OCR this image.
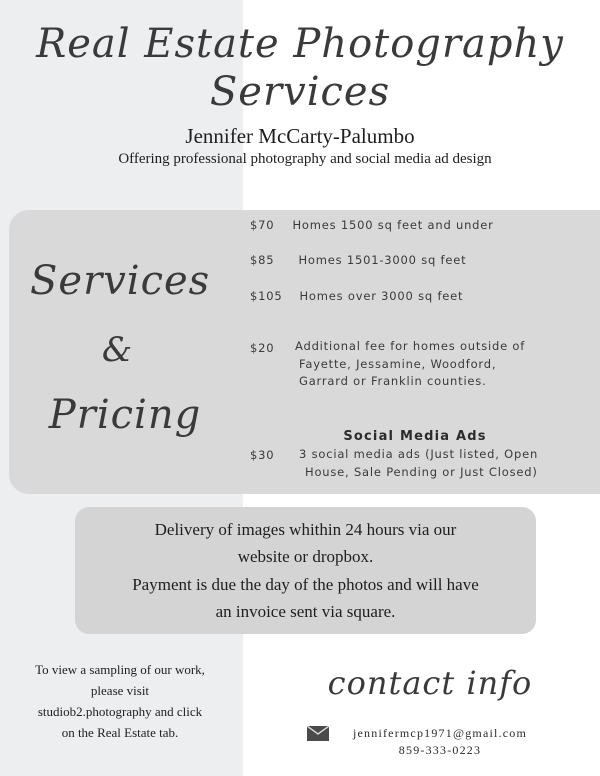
Real Estate Photography
Services
Jennifer McCarty-Palumbo
Offering professional photography and social media ad design
Services
&
Pricing
$70 Homes 1500 sq feet and under
$85 Homes 1501-3000 sq feet
$105 Homes over 3000 sq feet
$20 Additional fee for homes outside of
Fayette, Jessamine, Woodford,
Garrard or Franklin counties.
Social Media Ads
$30 3 social media ads (Just listed, Open
House, Sale Pending or Just Closed)
Delivery of images whithin 24 hours via our
website or dropbox.
Payment is due the day of the photos and will have
an invoice sent via square.
To view a sampling of our work,
please visit
studiob2.photography and click
on the Real Estate tab.
contact info
jennifermcp1971@gmail.com
859-333-0223
